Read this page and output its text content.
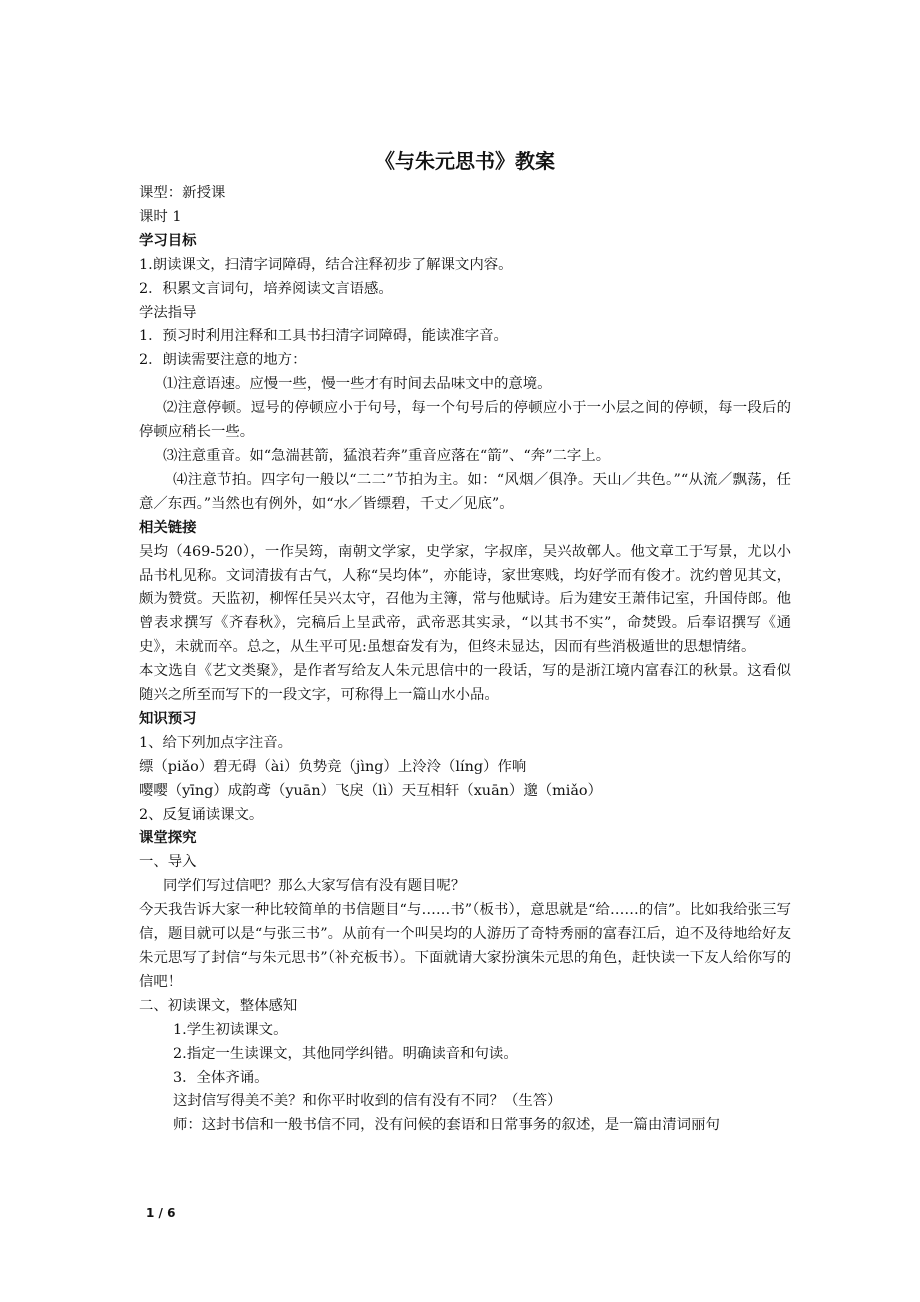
《与朱元思书》教案

课型：新授课

课时 1

学习目标

1.朗读课文，扫清字词障碍，结合注释初步了解课文内容。

2．积累文言词句，培养阅读文言语感。

学法指导

1．预习时利用注释和工具书扫清字词障碍，能读准字音。

2．朗读需要注意的地方：

⑴注意语速。应慢一些，慢一些才有时间去品味文中的意境。

⑵注意停顿。逗号的停顿应小于句号，每一个句号后的停顿应小于一小层之间的停顿，每一段后的停顿应稍长一些。

⑶注意重音。如“急湍甚箭，猛浪若奔”重音应落在“箭”、“奔”二字上。

⑷注意节拍。四字句一般以“二二”节拍为主。如：“风烟／俱净。天山／共色。”“从流／飘荡，任意／东西。”当然也有例外，如“水／皆缥碧，千丈／见底”。

相关链接

吴均（469-520），一作吴筠，南朝文学家，史学家，字叔庠，吴兴故鄣人。他文章工于写景，尤以小品书札见称。文词清拔有古气，人称“吴均体”，亦能诗，家世寒贱，均好学而有俊才。沈约曾见其文，颇为赞赏。天监初，柳恽任吴兴太守，召他为主簿，常与他赋诗。后为建安王萧伟记室，升国侍郎。他曾表求撰写《齐春秋》，完稿后上呈武帝，武帝恶其实录，“以其书不实”，命焚毁。后奉诏撰写《通史》，未就而卒。总之，从生平可见:虽想奋发有为，但终未显达，因而有些消极遁世的思想情绪。

本文选自《艺文类聚》，是作者写给友人朱元思信中的一段话，写的是浙江境内富春江的秋景。这看似随兴之所至而写下的一段文字，可称得上一篇山水小品。

知识预习

1、给下列加点字注音。

缥（piǎo）碧无碍（ài）负势竞（jìng）上泠泠（líng）作响

嘤嘤（yīng）成韵鸢（yuān）飞戾（lì）天互相轩（xuān）邈（miǎo）

2、反复诵读课文。

课堂探究

一、导入

同学们写过信吧？那么大家写信有没有题目呢？

今天我告诉大家一种比较简单的书信题目“与……书”（板书），意思就是“给……的信”。比如我给张三写信，题目就可以是“与张三书”。从前有一个叫吴均的人游历了奇特秀丽的富春江后，迫不及待地给好友朱元思写了封信“与朱元思书”（补充板书）。下面就请大家扮演朱元思的角色，赶快读一下友人给你写的信吧！

二、初读课文，整体感知

1.学生初读课文。

2.指定一生读课文，其他同学纠错。明确读音和句读。

3．全体齐诵。

这封信写得美不美？和你平时收到的信有没有不同？（生答）

师：这封书信和一般书信不同，没有问候的套语和日常事务的叙述，是一篇由清词丽句

1 / 6
